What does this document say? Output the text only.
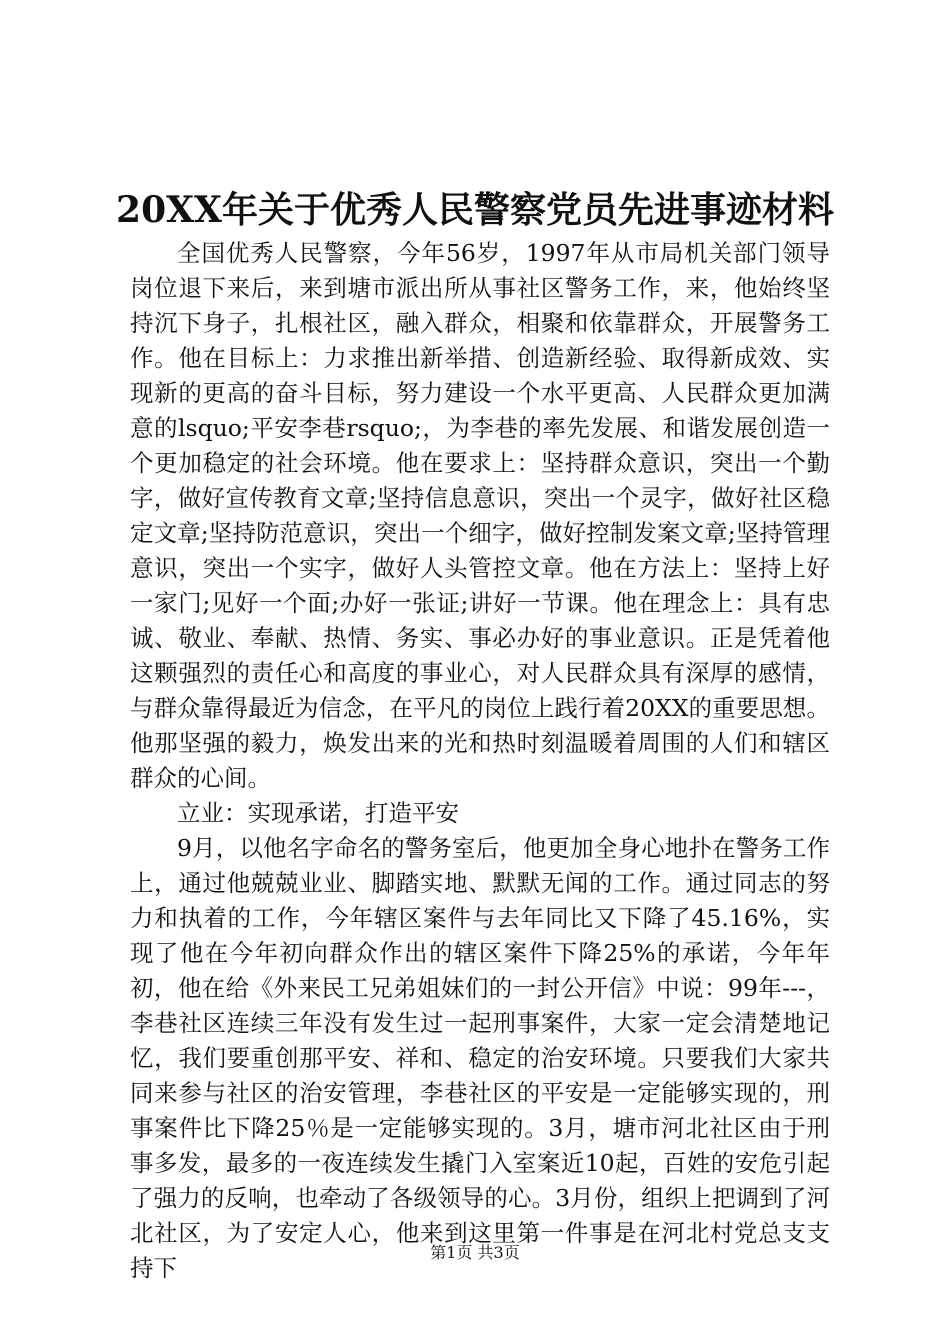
20XX年关于优秀人民警察党员先进事迹材料

全国优秀人民警察，今年56岁，1997年从市局机关部门领导岗位退下来后，来到塘市派出所从事社区警务工作，来，他始终坚持沉下身子，扎根社区，融入群众，相聚和依靠群众，开展警务工作。他在目标上：力求推出新举措、创造新经验、取得新成效、实现新的更高的奋斗目标，努力建设一个水平更高、人民群众更加满意的lsquo;平安李巷rsquo;，为李巷的率先发展、和谐发展创造一个更加稳定的社会环境。他在要求上：坚持群众意识，突出一个勤字，做好宣传教育文章;坚持信息意识，突出一个灵字，做好社区稳定文章;坚持防范意识，突出一个细字，做好控制发案文章;坚持管理意识，突出一个实字，做好人头管控文章。他在方法上：坚持上好一家门;见好一个面;办好一张证;讲好一节课。他在理念上：具有忠诚、敬业、奉献、热情、务实、事必办好的事业意识。正是凭着他这颗强烈的责任心和高度的事业心，对人民群众具有深厚的感情，与群众靠得最近为信念，在平凡的岗位上践行着20XX的重要思想。他那坚强的毅力，焕发出来的光和热时刻温暖着周围的人们和辖区群众的心间。

立业：实现承诺，打造平安

9月，以他名字命名的警务室后，他更加全身心地扑在警务工作上，通过他兢兢业业、脚踏实地、默默无闻的工作。通过同志的努力和执着的工作，今年辖区案件与去年同比又下降了45.16%，实现了他在今年初向群众作出的辖区案件下降25%的承诺，今年年初，他在给《外来民工兄弟姐妹们的一封公开信》中说：99年---，李巷社区连续三年没有发生过一起刑事案件，大家一定会清楚地记忆，我们要重创那平安、祥和、稳定的治安环境。只要我们大家共同来参与社区的治安管理，李巷社区的平安是一定能够实现的，刑事案件比下降25％是一定能够实现的。3月，塘市河北社区由于刑事多发，最多的一夜连续发生撬门入室案近10起，百姓的安危引起了强力的反响，也牵动了各级领导的心。3月份，组织上把调到了河北社区，为了安定人心，他来到这里第一件事是在河北村党总支支持下

第1页 共3页
